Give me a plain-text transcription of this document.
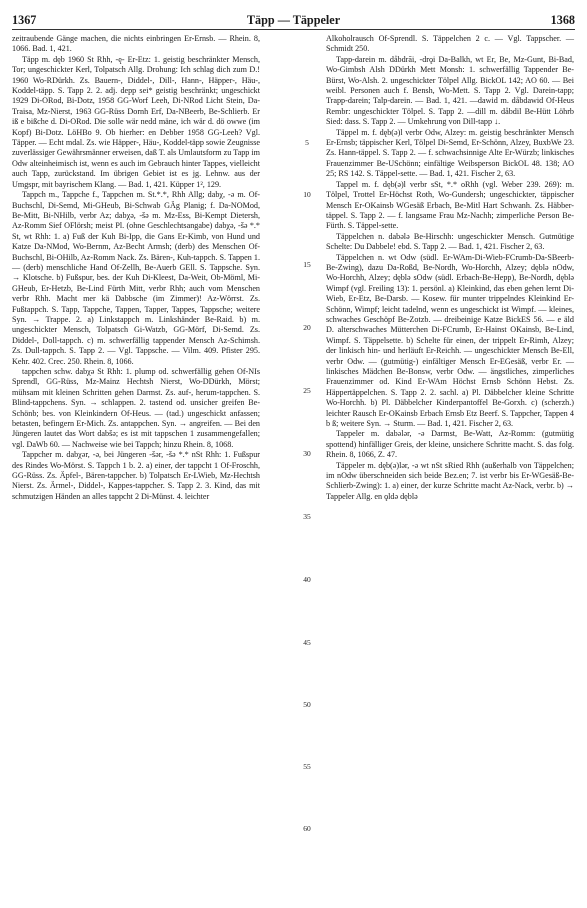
1367	Täpp — Täppeler	1368

zeitraubende Gänge machen, die nichts einbringen Er-Ernsb. — Rhein. 8, 1066. Bad. 1, 421.

Täpp m. dęb 1960 St Rhh, -ę- Er-Etz: 1. geistig beschränkter Mensch, Tor; ungeschickter Kerl, Tolpatsch Allg. Drohung: Ich schlag dich zum D.! 1960 Wo-RDürkh. Zs. Bauern-, Diddel-, Dill-, Hann-, Häpper-, Häu-, Koddel-täpp. S. Tapp 2. 2. adj. depp sei* geistig beschränkt; ungeschickt 1929 Di-ORod, Bi-Dotz, 1958 GG-Worf Leeh, Di-NRod Licht Stein, Da-Traisa, Mz-Nierst, 1963 GG-Rüss Dornh Erf, Da-NBeerb, Be-Schlierb. Er iß e bißche d. Di-ORod. Die solle wär nedd mäne, ich wär d. dö owwe (im Kopf) Bi-Dotz. LöHBo 9. Ob hierher: en Debber 1958 GG-Leeh? Vgl. Täpper. — Echt mdal. Zs. wie Häpper-, Häu-, Koddel-täpp sowie Zeugnisse zuverlässiger Gewährsmänner erweisen, daß T. als Umlautsform zu Tapp im Odw alteinheimisch ist, wenn es auch im Gebrauch hinter Tappes, vielleicht auch Tapp, zurückstand. Im übrigen Gebiet ist es jg. Lehnw. aus der Umgspr, mit bayrischem Klang. — Bad. 1, 421. Küpper 1², 129.

Tappch m., Tappche f., Tappchen m. St.*.*, Rhh Allg; dabχ, -ǝ m. Of-Buchschl, Di-Semd, Mi-GHeub, Bi-Schwab GÄg Planig; f. Da-NOMod, Be-Mitt, Bi-NHilb, verbr Az; dabχǝ, -šǝ m. Mz-Ess, Bi-Kempt Dietersh, Az-Romm Sief OFlörsh; meist Pl. (ohne Geschlechtsangabe) dabχǝ, -šǝ *.* St, wt Rhh: 1. a) Fuß der Kuh Bi-Ipp, die Gans Er-Kimb, von Hund und Katze Da-NMod, Wo-Bernm, Az-Becht Armsh; (derb) des Menschen Of-Buchschl, Bi-OHilb, Az-Romm Nack. Zs. Bären-, Kuh-tappch. S. Tappen 1. — (derb) menschliche Hand Of-Zellh, Be-Auerb GEll. S. Tappsche. Syn. → Klotsche. b) Fußspur, bes. der Kuh Di-Kleest, Da-Weit, Ob-Möml, Mi-GHeub, Er-Hetzb, Be-Lind Fürth Mitt, verbr Rhh; auch vom Menschen verbr Rhh. Macht mer kä Dabbsche (im Zimmer)! Az-Wörrst. Zs. Fußtappch. S. Tapp, Tappche, Tappen, Tapper, Tappes, Tappsche; weitere Syn. → Trappe. 2. a) Linkstappch m. Linkshänder Be-Raid. b) m. ungeschickter Mensch, Tolpatsch Gi-Watzb, GG-Mörf, Di-Semd. Zs. Diddel-, Doll-tappch. c) m. schwerfällig tappender Mensch Az-Schimsh. Zs. Dull-tappch. S. Tapp 2. — Vgl. Tappsche. — Vilm. 409. Pfister 295. Kehr. 402. Crec. 250. Rhein. 8, 1066.

tappchen schw. dabχǝ St Rhh: 1. plump od. schwerfällig gehen Of-NIs Sprendl, GG-Rüss, Mz-Mainz Hechtsh Nierst, Wo-DDürkh, Mörst; mühsam mit kleinen Schritten gehen Darmst. Zs. auf-, herum-tappchen. S. Blind-tappchens. Syn. → schlappen. 2. tastend od. unsicher greifen Be-Schönb; bes. von Kleinkindern Of-Heus. — (tad.) ungeschickt anfassen; betasten, befingern Er-Mich. Zs. antappchen. Syn. → angreifen. — Bei den Jüngeren lautet das Wort dabšǝ; es ist mit tappschen 1 zusammengefallen; vgl. DaWb 60. — Nachweise wie bei Tappch; hinzu Rhein. 8, 1068.

Tappcher m. dabχǝr, -ǝ, bei Jüngeren -šǝr, -šǝ *.* nSt Rhh: 1. Fußspur des Rindes Wo-Mörst. S. Tappch 1 b. 2. a) einer, der tappcht 1 Of-Froschh, GG-Rüss. Zs. Äpfel-, Bären-tappcher. b) Tolpatsch Er-LWieb, Mz-Hechtsh Nierst. Zs. Ärmel-, Diddel-, Kappes-tappcher. S. Tapp 2. 3. Kind, das mit schmutzigen Händen an alles tappcht 2 Di-Münst. 4. leichter

5
10
15
20
25
30
35
40
45
50
55
60

Alkoholrausch Of-Sprendl. S. Täppelchen 2 c. — Vgl. Tappscher. — Schmidt 250.

Tapp-darein m. dåbdrāi, -drǫi Da-Balkh, wt Er, Be, Mz-Gunt, Bi-Bad, Wo-Gimbsh Alsh DDürkh Mett Monsh: 1. schwerfällig Tappender Be-Bürst, Wo-Alsh. 2. ungeschickter Tölpel Allg. BickOL 142; AO 60. — Bei weibl. Personen auch f. Bensh, Wo-Mett. S. Tapp 2. Vgl. Darein-tapp; Trapp-darein; Talp-darein. — Bad. 1, 421. —dawid m. dåbdawid Of-Heus Rembr: ungeschickter Tölpel. S. Tapp 2. —dill m. dåbdil Be-Hütt Löhrb Sied: dass. S. Tapp 2. — Umkehrung von Dill-tapp ↓.

Täppel m. f. dęb(ǝ)l verbr Odw, Alzey: m. geistig beschränkter Mensch Er-Ernsb; täppischer Kerl, Tölpel Di-Semd, Er-Schönn, Alzey, BuxbWe 23. Zs. Hann-täppel. S. Tapp 2. — f. schwachsinnige Alte Er-Würzb; linkisches Frauenzimmer Be-USchönn; einfältige Weibsperson BickOL 48. 138; AO 25; RS 142. S. Täppel-sette. — Bad. 1, 421. Fischer 2, 63.

Tappel m. f. dęb(ǝ)l verbr sSt, *.* oRhh (vgl. Weber 239. 269): m. Tölpel, Trottel Er-Höchst Roth, Wo-Gundersh; ungeschickter, täppischer Mensch Er-OKainsb WGesäß Erbach, Be-Mitl Hart Schwanh. Zs. Häbber-täppel. S. Tapp 2. — f. langsame Frau Mz-Nachh; zimperliche Person Be-Fürth. S. Täppel-sette.

Täppelchen n. dabǝlǝ Be-Hirschh: ungeschickter Mensch. Gutmütige Schelte: Du Dabbele! ebd. S. Tapp 2. — Bad. 1, 421. Fischer 2, 63.

Täppelchen n. wt Odw (südl. Er-WAm-Di-Wieb-FCrumb-Da-SBeerb-Be-Zwing), dazu Da-Roßd, Be-Nordh, Wo-Horchh, Alzey; dęblǝ nOdw, Wo-Horchh, Alzey; dęblǝ sOdw (südl. Erbach-Be-Hepp), Be-Nordh, dęblǝ Wimpf (vgl. Freiling 13): 1. persönl. a) Kleinkind, das eben gehen lernt Di-Wieb, Er-Etz, Be-Darsb. — Kosew. für munter trippelndes Kleinkind Er-Schönn, Wimpf; leicht tadelnd, wenn es ungeschickt ist Wimpf. — kleines, schwaches Geschöpf Be-Zotzb. — dreibeinige Katze BickES 56. — e äld D. alterschwaches Mütterchen Di-FCrumb, Er-Hainst OKainsb, Be-Lind, Wimpf. S. Täppelsette. b) Schelte für einen, der trippelt Er-Rimh, Alzey; der linkisch hin- und herläuft Er-Reichh. — ungeschickter Mensch Be-Ell, verbr Odw. — (gutmütig-) einfältiger Mensch Er-EGesäß, verbr Er. — linkisches Mädchen Be-Bonsw, verbr Odw. — ängstliches, zimperliches Frauenzimmer od. Kind Er-WAm Höchst Ernsb Schönn Hebst. Zs. Häppertäppelchen. S. Tapp 2. 2. sachl. a) Pl. Däbbelcher kleine Schritte Wo-Horchh. b) Pl. Däbbelcher Kinderpantoffel Be-Gorxh. c) (scherzh.) leichter Rausch Er-OKainsb Erbach Ernsb Etz Beerf. S. Tappcher, Tappen 4 b ß; weitere Syn. → Sturm. — Bad. 1, 421. Fischer 2, 63.

Tappeler m. dabǝlǝr, -ǝ Darmst, Be-Watt, Az-Romm: (gutmütig spottend) hinfälliger Greis, der kleine, unsichere Schritte macht. S. das folg. Rhein. 8, 1066, Z. 47.

Täppeler m. dęb(ǝ)lǝr, -ǝ wt nSt sRied Rhh (außerhalb von Täppelchen; im nOdw überschneiden sich beide Bez.en; 7. ist verbr bis Er-WGesäß-Be-Schlierb-Zwing): 1. a) einer, der kurze Schritte macht Az-Nack, verbr. b) → Tappeler Allg. en ǫldǝ dęblǝ
